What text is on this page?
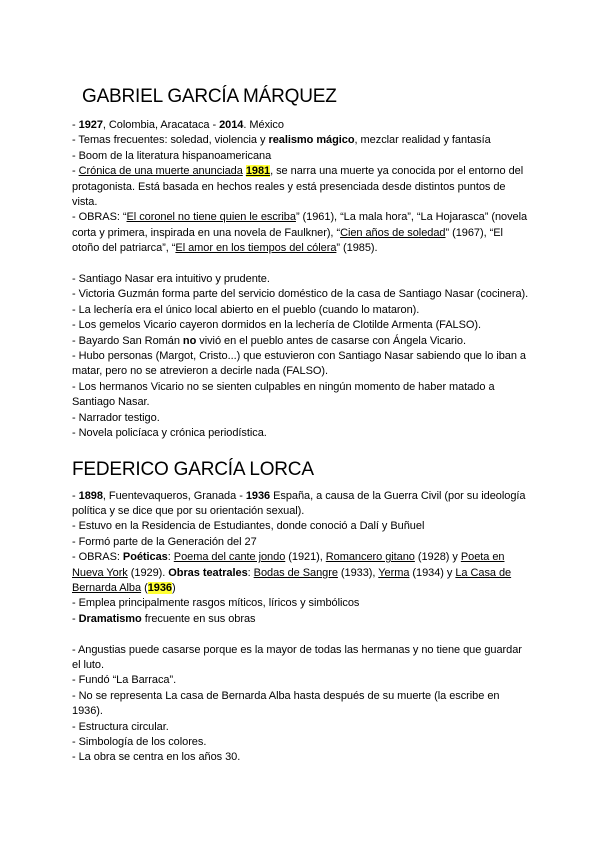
GABRIEL GARCÍA MÁRQUEZ

- 1927, Colombia, Aracataca - 2014. México

- Temas frecuentes: soledad, violencia y realismo mágico, mezclar realidad y fantasía

- Boom de la literatura hispanoamericana

- Crónica de una muerte anunciada 1981, se narra una muerte ya conocida por el entorno del protagonista. Está basada en hechos reales y está presenciada desde distintos puntos de vista.

- OBRAS: “El coronel no tiene quien le escriba” (1961), “La mala hora”, “La Hojarasca” (novela corta y primera, inspirada en una novela de Faulkner), “Cien años de soledad” (1967), “El otoño del patriarca”, “El amor en los tiempos del cólera” (1985).

- Santiago Nasar era intuitivo y prudente.

- Victoria Guzmán forma parte del servicio doméstico de la casa de Santiago Nasar (cocinera).

- La lechería era el único local abierto en el pueblo (cuando lo mataron).

- Los gemelos Vicario cayeron dormidos en la lechería de Clotilde Armenta (FALSO).

- Bayardo San Román no vivió en el pueblo antes de casarse con Ángela Vicario.

- Hubo personas (Margot, Cristo...) que estuvieron con Santiago Nasar sabiendo que lo iban a matar, pero no se atrevieron a decirle nada (FALSO).

- Los hermanos Vicario no se sienten culpables en ningún momento de haber matado a Santiago Nasar.

- Narrador testigo.

- Novela policíaca y crónica periodística.

FEDERICO GARCÍA LORCA

- 1898, Fuentevaqueros, Granada - 1936 España, a causa de la Guerra Civil (por su ideología política y se dice que por su orientación sexual).

- Estuvo en la Residencia de Estudiantes, donde conoció a Dalí y Buñuel

- Formó parte de la Generación del 27

- OBRAS: Poéticas: Poema del cante jondo (1921), Romancero gitano (1928) y Poeta en Nueva York (1929). Obras teatrales: Bodas de Sangre (1933), Yerma (1934) y La Casa de Bernarda Alba (1936)

- Emplea principalmente rasgos míticos, líricos y simbólicos

- Dramatismo frecuente en sus obras

- Angustias puede casarse porque es la mayor de todas las hermanas y no tiene que guardar el luto.

- Fundó “La Barraca”.

- No se representa La casa de Bernarda Alba hasta después de su muerte (la escribe en 1936).

- Estructura circular.

- Simbología de los colores.

- La obra se centra en los años 30.
